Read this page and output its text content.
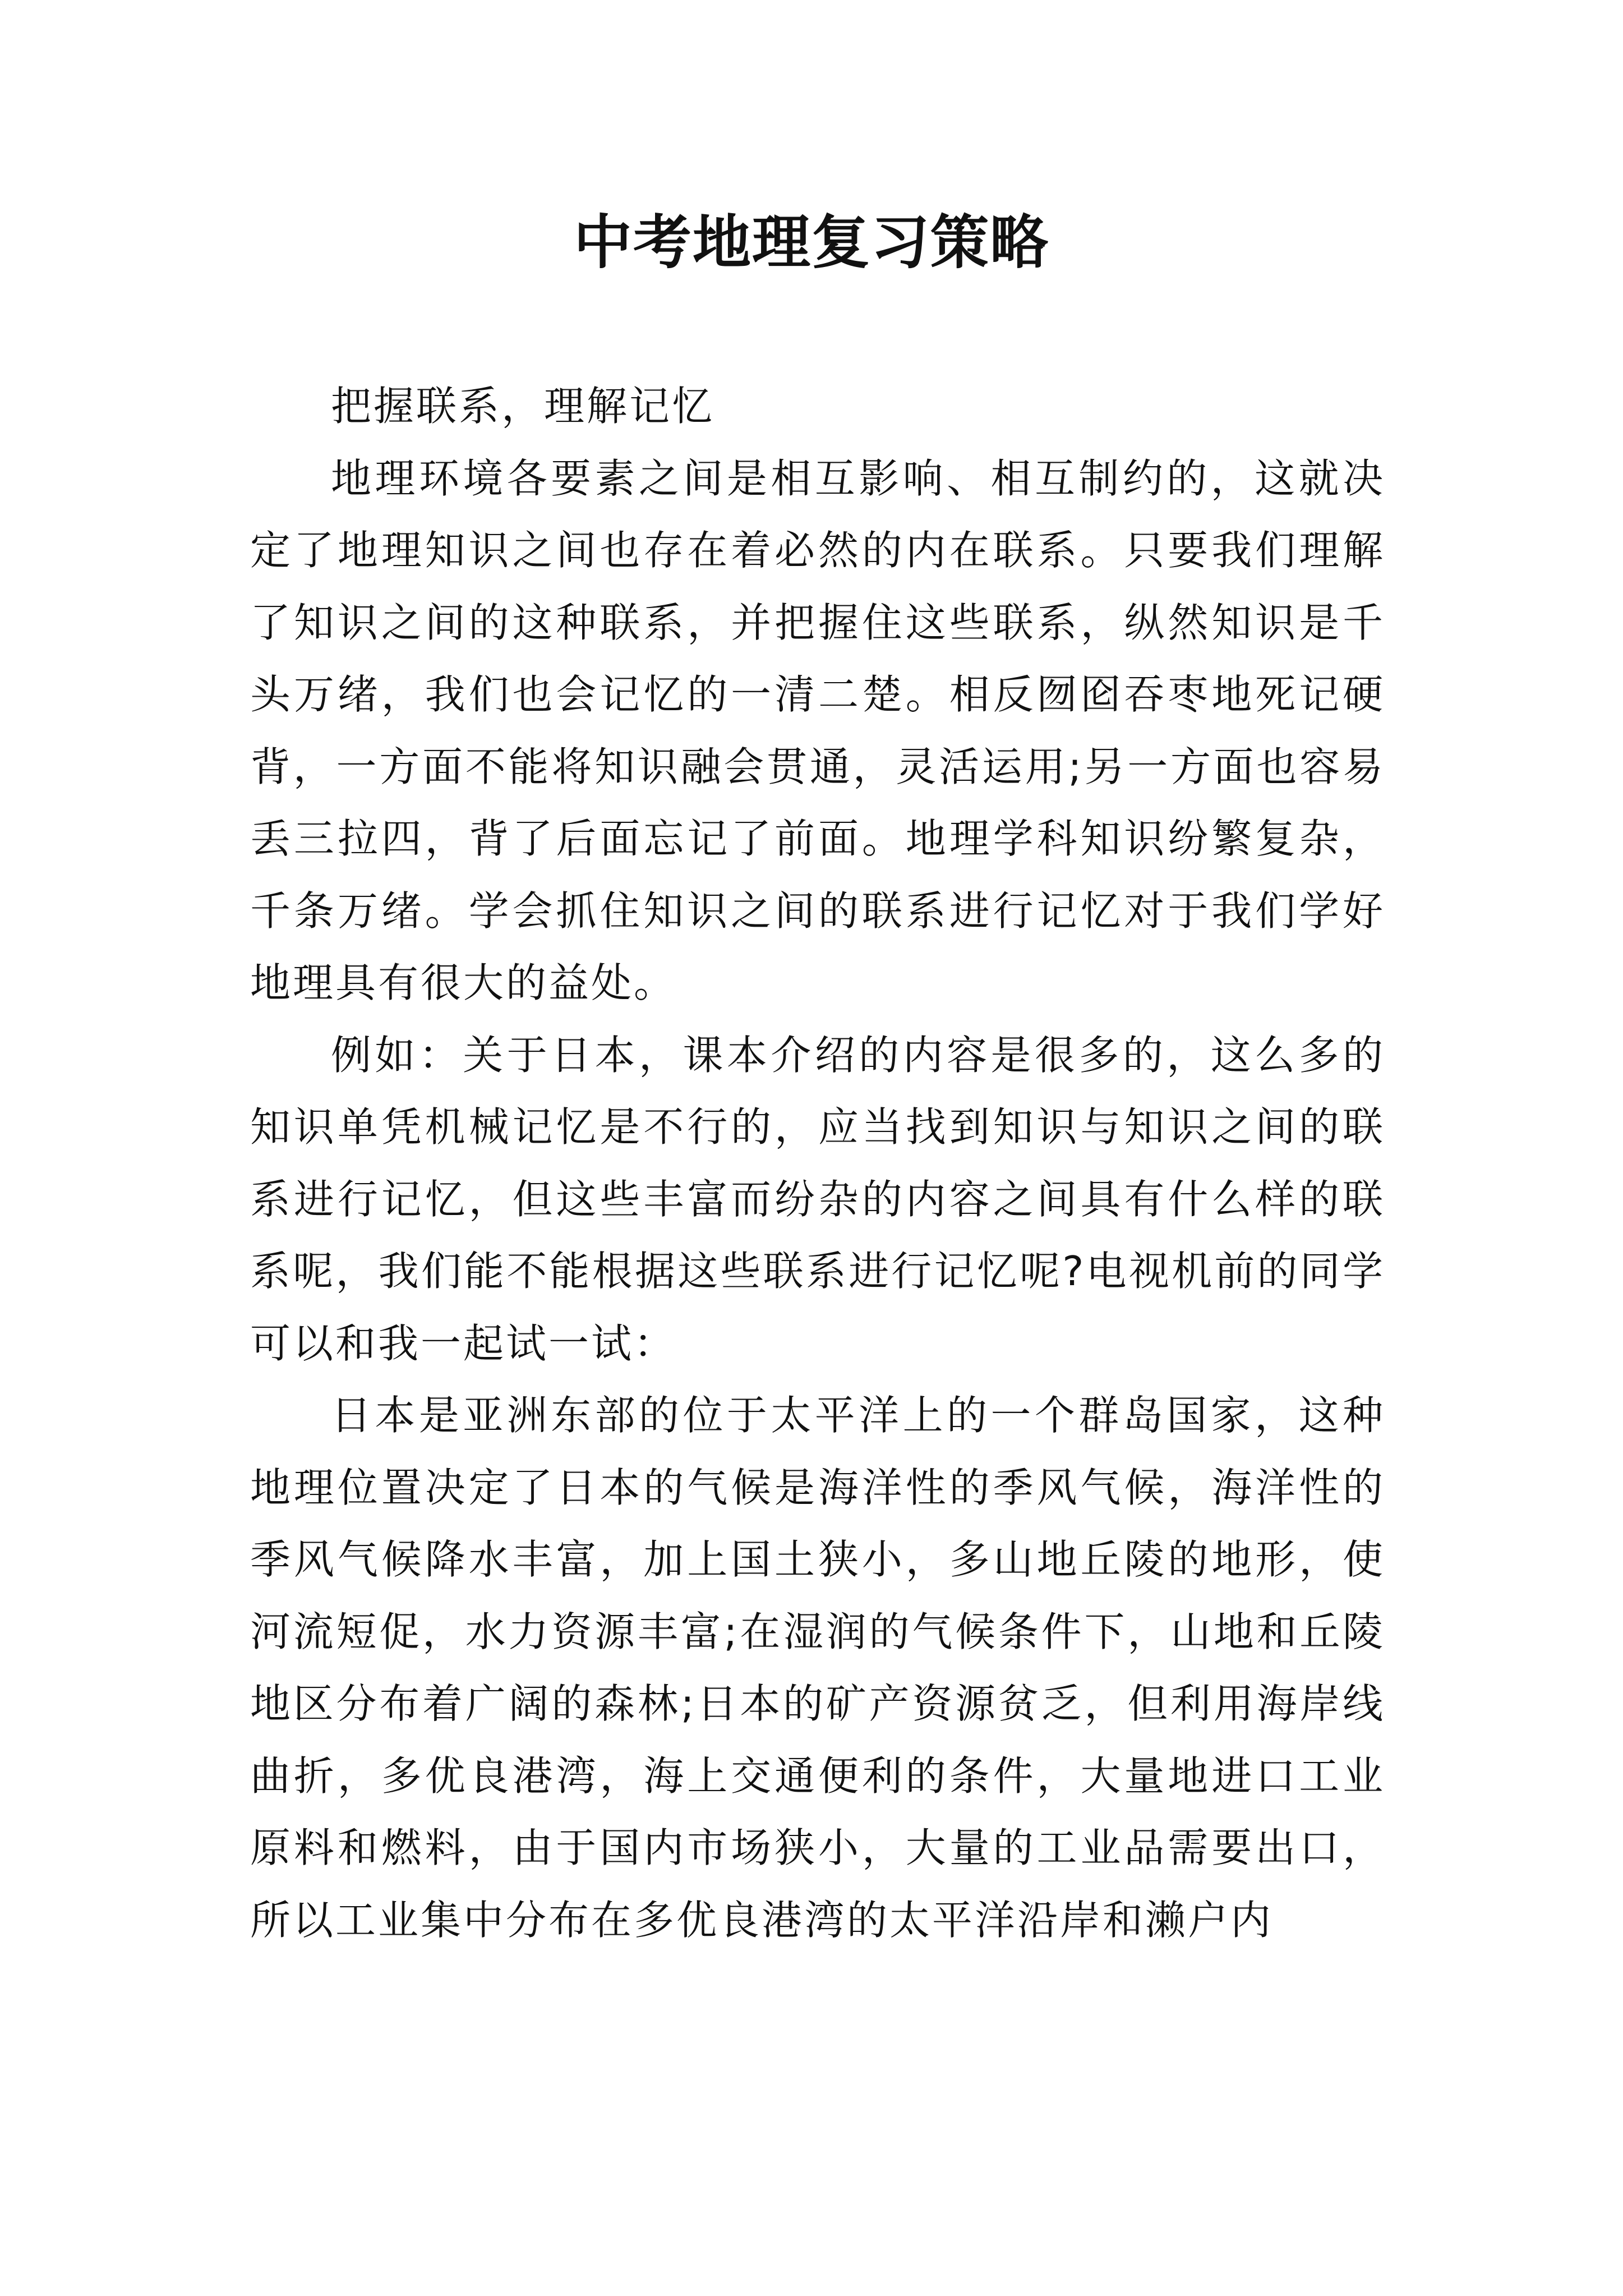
中考地理复习策略

把握联系，理解记忆

地理环境各要素之间是相互影响、相互制约的，这就决定了地理知识之间也存在着必然的内在联系。只要我们理解了知识之间的这种联系，并把握住这些联系，纵然知识是千头万绪，我们也会记忆的一清二楚。相反囫囵吞枣地死记硬背，一方面不能将知识融会贯通，灵活运用;另一方面也容易丢三拉四，背了后面忘记了前面。地理学科知识纷繁复杂，千条万绪。学会抓住知识之间的联系进行记忆对于我们学好地理具有很大的益处。

例如：关于日本，课本介绍的内容是很多的，这么多的知识单凭机械记忆是不行的，应当找到知识与知识之间的联系进行记忆，但这些丰富而纷杂的内容之间具有什么样的联系呢，我们能不能根据这些联系进行记忆呢?电视机前的同学可以和我一起试一试：

日本是亚洲东部的位于太平洋上的一个群岛国家，这种地理位置决定了日本的气候是海洋性的季风气候，海洋性的季风气候降水丰富，加上国土狭小，多山地丘陵的地形，使河流短促，水力资源丰富;在湿润的气候条件下，山地和丘陵地区分布着广阔的森林;日本的矿产资源贫乏，但利用海岸线曲折，多优良港湾，海上交通便利的条件，大量地进口工业原料和燃料，由于国内市场狭小，大量的工业品需要出口，所以工业集中分布在多优良港湾的太平洋沿岸和濑户内
